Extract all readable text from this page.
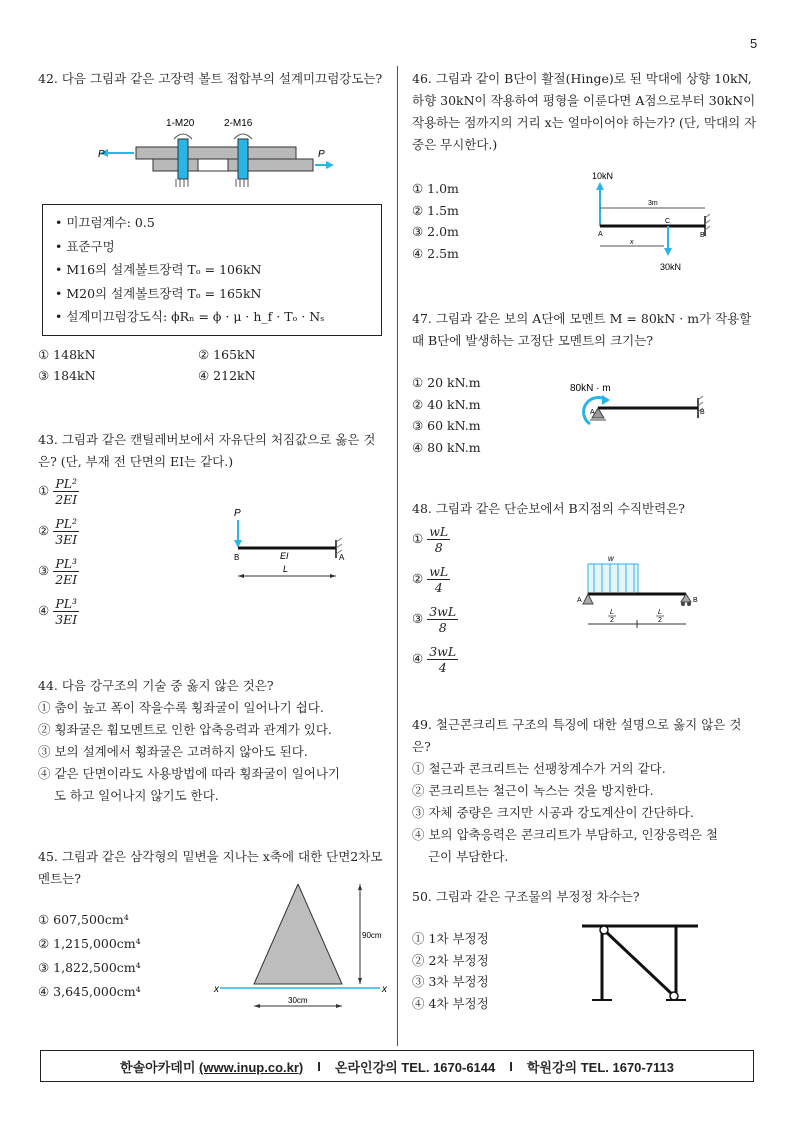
5

42. 다음 그림과 같은 고장력 볼트 접합부의 설계미끄럼강도는?

1-M20	2-M16
P	P
• 미끄럼계수: 0.5
• 표준구멍
• M16의 설계볼트장력 Tₒ = 106kN
• M20의 설계볼트장력 Tₒ = 165kN
• 설계미끄럼강도식: ϕRₙ = ϕ · μ · h_f · Tₒ · Nₛ
① 148kN	② 165kN
③ 184kN	④ 212kN

43. 그림과 같은 캔틸레버보에서 자유단의 처짐값으로 옳은 것은? (단, 부재 전 단면의 EI는 같다.)

① $\frac{\text{PL²}}{2EI}$
② $\frac{\text{PL²}}{3EI}$
③ $\frac{\text{PL³}}{2EI}$
④ $\frac{\text{PL³}}{3EI}$
P
B	A
EI
L

44. 다음 강구조의 기술 중 옳지 않은 것은?

① 춤이 높고 폭이 작을수록 횡좌굴이 일어나기 쉽다.

② 횡좌굴은 휨모멘트로 인한 압축응력과 관계가 있다.

③ 보의 설계에서 횡좌굴은 고려하지 않아도 된다.

④ 같은 단면이라도 사용방법에 따라 횡좌굴이 일어나기

도 하고 일어나지 않기도 한다.

45. 그림과 같은 삼각형의 밑변을 지나는 x축에 대한 단면2차모멘트는?

① 607,500cm⁴
② 1,215,000cm⁴
③ 1,822,500cm⁴
④ 3,645,000cm⁴	x	x
90cm
30cm

46. 그림과 같이 B단이 활절(Hinge)로 된 막대에 상향 10kN, 하향 30kN이 작용하여 평형을 이룬다면 A점으로부터 30kN이 작용하는 점까지의 거리 x는 얼마이어야 하는가? (단, 막대의 자중은 무시한다.)

① 1.0m
② 1.5m
③ 2.0m
④ 2.5m
10kN
3m
A	B
C
x
30kN

47. 그림과 같은 보의 A단에 모멘트 M = 80kN · m가 작용할 때 B단에 발생하는 고정단 모멘트의 크기는?

① 20 kN.m
② 40 kN.m
③ 60 kN.m
④ 80 kN.m
80kN · m
A	B

48. 그림과 같은 단순보에서 B지점의 수직반력은?

① $\frac{wL}{8}$
② $\frac{wL}{4}$
③ $\frac{3wL}{8}$
④ $\frac{3wL}{4}$
w
A	B
L
2
L
2

49. 철근콘크리트 구조의 특징에 대한 설명으로 옳지 않은 것은?

① 철근과 콘크리트는 선팽창계수가 거의 같다.

② 콘크리트는 철근이 녹스는 것을 방지한다.

③ 자체 중량은 크지만 시공과 강도계산이 간단하다.

④ 보의 압축응력은 콘크리트가 부담하고, 인장응력은 철

근이 부담한다.

50. 그림과 같은 구조물의 부정정 차수는?

① 1차 부정정
② 2차 부정정
③ 3차 부정정
④ 4차 부정정
한솔아카데미 (www.inup.co.kr) I 온라인강의 TEL. 1670-6144 I 학원강의 TEL. 1670-7113
